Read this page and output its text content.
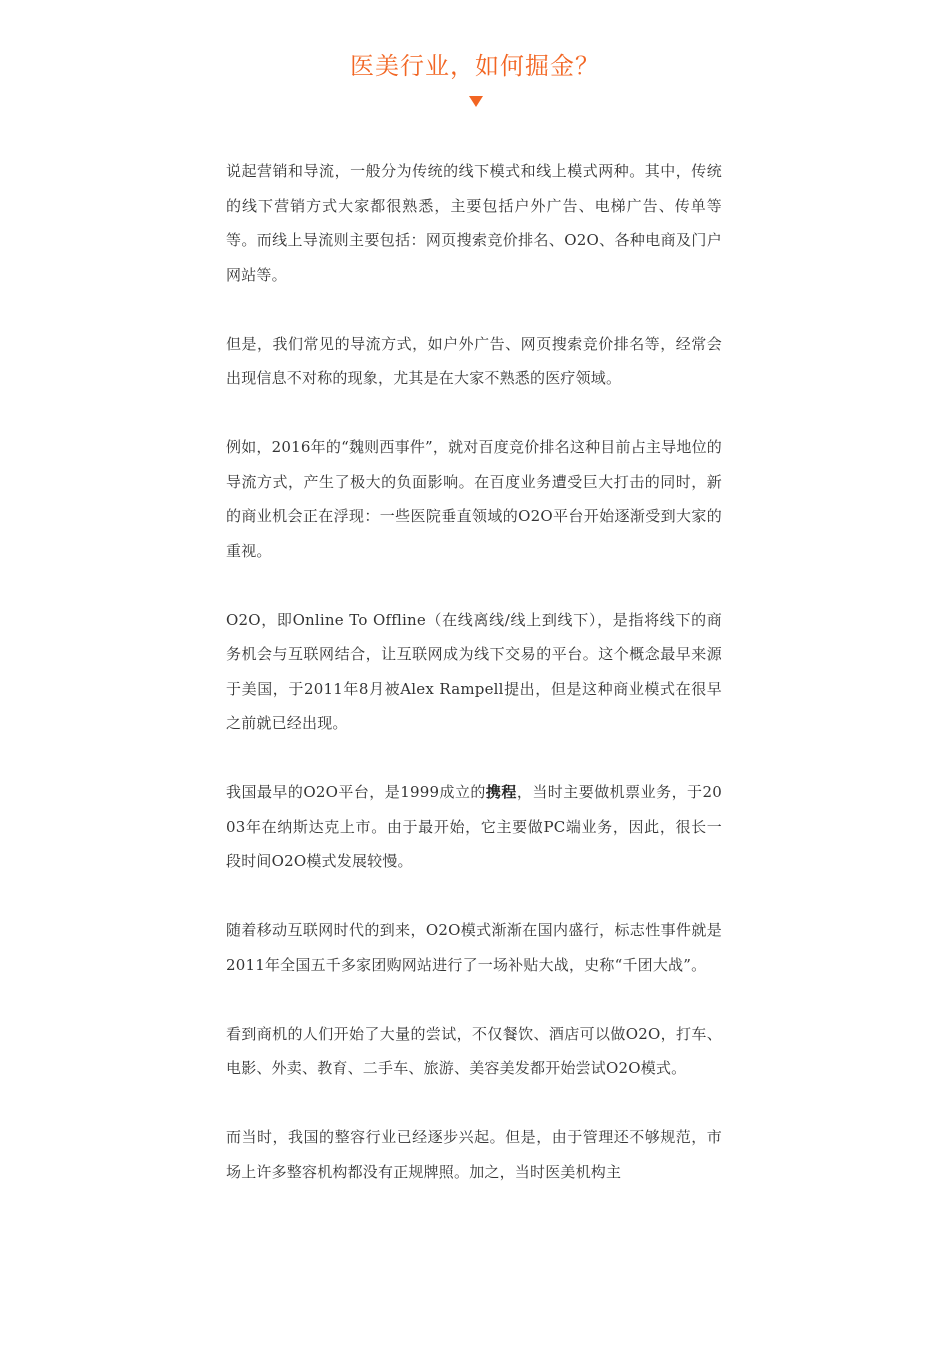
医美行业，如何掘金？

说起营销和导流，一般分为传统的线下模式和线上模式两种。其中，传统的线下营销方式大家都很熟悉，主要包括户外广告、电梯广告、传单等等。而线上导流则主要包括：网页搜索竞价排名、O2O、各种电商及门户网站等。

但是，我们常见的导流方式，如户外广告、网页搜索竞价排名等，经常会出现信息不对称的现象，尤其是在大家不熟悉的医疗领域。

例如，2016年的“魏则西事件”，就对百度竞价排名这种目前占主导地位的导流方式，产生了极大的负面影响。在百度业务遭受巨大打击的同时，新的商业机会正在浮现：一些医院垂直领域的O2O平台开始逐渐受到大家的重视。

O2O，即Online To Offline（在线离线/线上到线下），是指将线下的商务机会与互联网结合，让互联网成为线下交易的平台。这个概念最早来源于美国，于2011年8月被Alex Rampell提出，但是这种商业模式在很早之前就已经出现。

我国最早的O2O平台，是1999成立的携程，当时主要做机票业务，于2003年在纳斯达克上市。由于最开始，它主要做PC端业务，因此，很长一段时间O2O模式发展较慢。

随着移动互联网时代的到来，O2O模式渐渐在国内盛行，标志性事件就是2011年全国五千多家团购网站进行了一场补贴大战，史称“千团大战”。

看到商机的人们开始了大量的尝试，不仅餐饮、酒店可以做O2O，打车、电影、外卖、教育、二手车、旅游、美容美发都开始尝试O2O模式。

而当时，我国的整容行业已经逐步兴起。但是，由于管理还不够规范，市场上许多整容机构都没有正规牌照。加之，当时医美机构主
